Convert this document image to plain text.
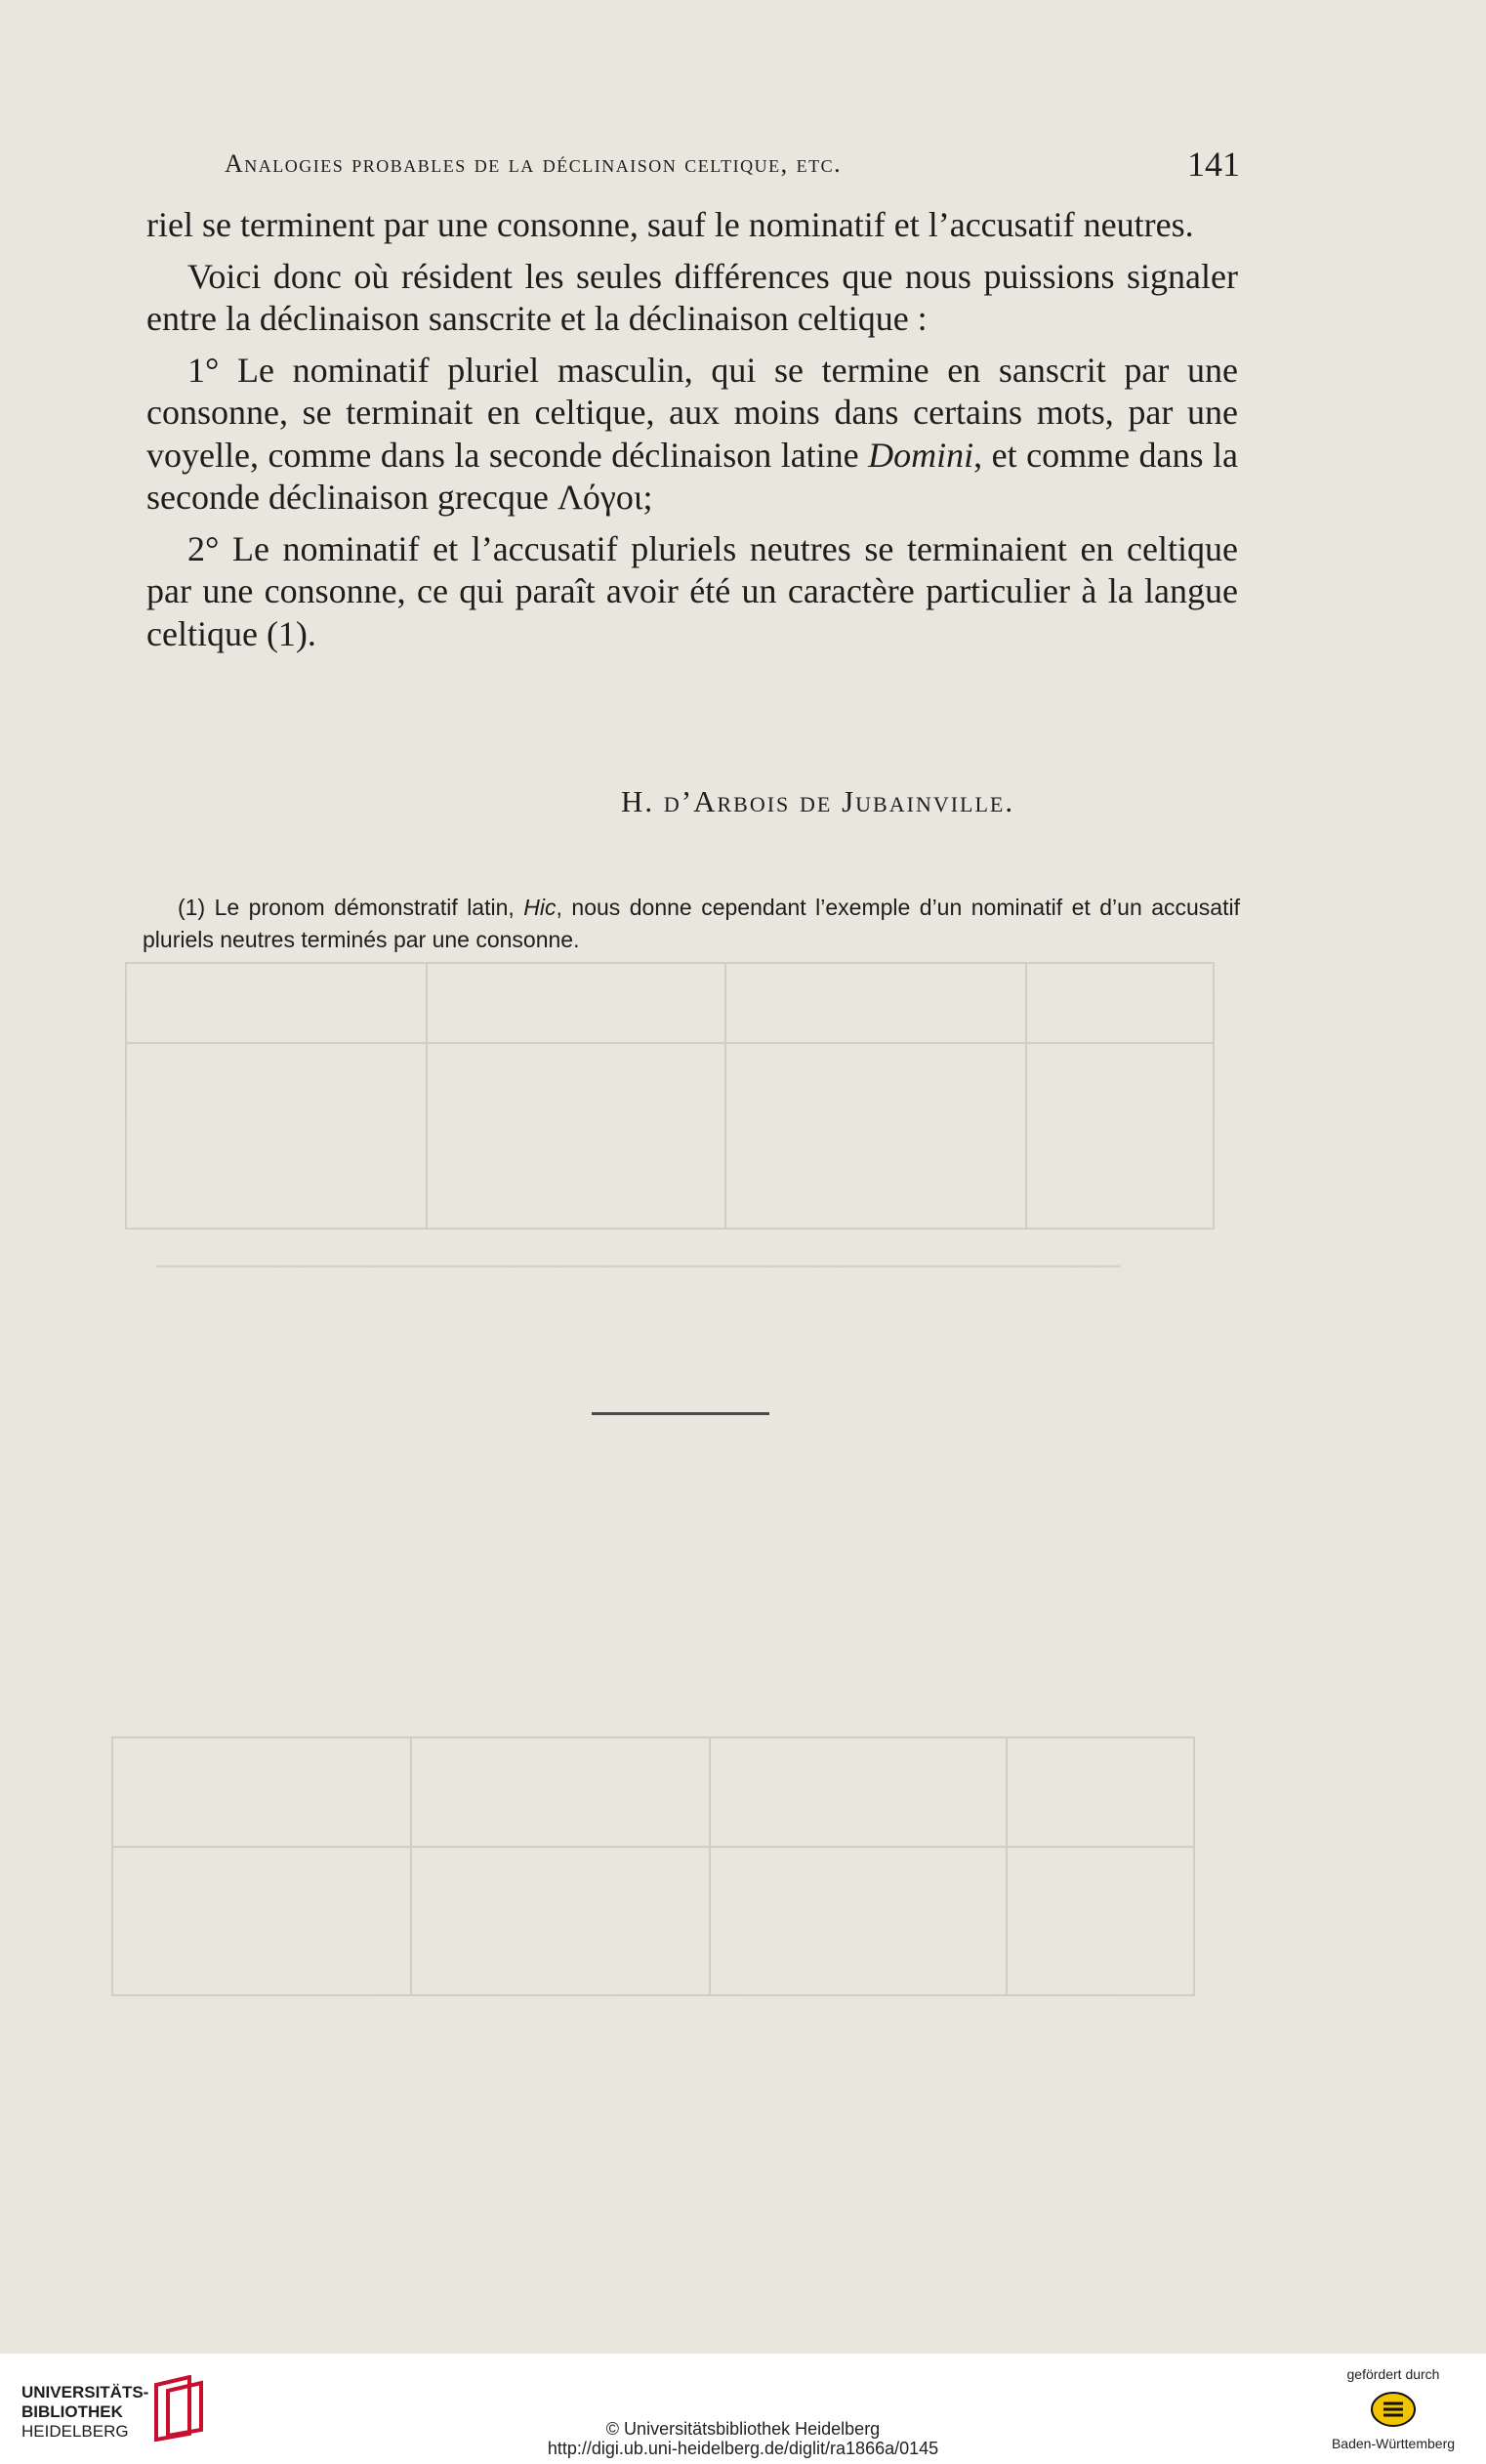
─────────────────────────────────────────
Analogies probables de la déclinaison celtique, etc.	141

riel se terminent par une consonne, sauf le nominatif et l’accusatif neutres.

Voici donc où résident les seules différences que nous puissions signaler entre la déclinaison sanscrite et la déclinaison celtique :

1° Le nominatif pluriel masculin, qui se termine en sanscrit par une consonne, se terminait en celtique, aux moins dans certains mots, par une voyelle, comme dans la seconde déclinaison latine Domini, et comme dans la seconde déclinaison grecque Λόγοι;

2° Le nominatif et l’accusatif pluriels neutres se terminaient en celtique par une consonne, ce qui paraît avoir été un caractère particulier à la langue celtique (1).

H. d’Arbois de Jubainville.

(1) Le pronom démonstratif latin, Hic, nous donne cependant l’exemple d’un nominatif et d’un accusatif pluriels neutres terminés par une consonne.

UNIVERSITÄTS-
BIBLIOTHEK
HEIDELBERG	© Universitätsbibliothek Heidelberg
http://digi.ub.uni-heidelberg.de/diglit/ra1866a/0145
gefördert durch
Baden-Württemberg
